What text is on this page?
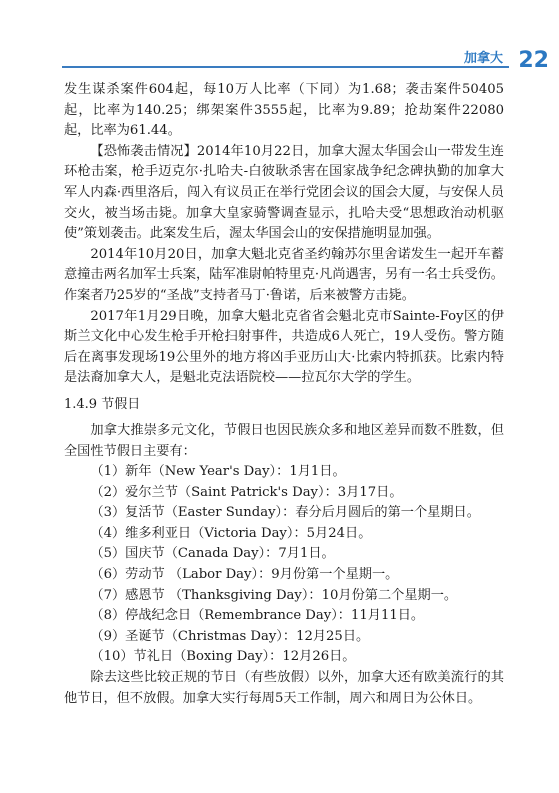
加拿大 22

发生谋杀案件604起，每10万人比率（下同）为1.68；袭击案件50405起，比率为140.25；绑架案件3555起，比率为9.89；抢劫案件22080起，比率为61.44。

【恐怖袭击情况】2014年10月22日，加拿大渥太华国会山一带发生连环枪击案，枪手迈克尔·扎哈夫-白彼耿杀害在国家战争纪念碑执勤的加拿大军人内森·西里洛后，闯入有议员正在举行党团会议的国会大厦，与安保人员交火，被当场击毙。加拿大皇家骑警调查显示，扎哈夫受“思想政治动机驱使”策划袭击。此案发生后，渥太华国会山的安保措施明显加强。

2014年10月20日，加拿大魁北克省圣约翰苏尔里舍诺发生一起开车蓄意撞击两名加军士兵案，陆军准尉帕特里克·凡尚遇害，另有一名士兵受伤。作案者乃25岁的“圣战”支持者马丁·鲁诺，后来被警方击毙。

2017年1月29日晚，加拿大魁北克省省会魁北克市Sainte-Foy区的伊斯兰文化中心发生枪手开枪扫射事件，共造成6人死亡，19人受伤。警方随后在离事发现场19公里外的地方将凶手亚历山大·比索内特抓获。比索内特是法裔加拿大人，是魁北克法语院校——拉瓦尔大学的学生。

1.4.9 节假日

加拿大推崇多元文化，节假日也因民族众多和地区差异而数不胜数，但全国性节假日主要有：

（1）新年（New Year's Day）：1月1日。
（2）爱尔兰节（Saint Patrick's Day）：3月17日。
（3）复活节（Easter Sunday）：春分后月圆后的第一个星期日。
（4）维多利亚日（Victoria Day）：5月24日。
（5）国庆节（Canada Day）：7月1日。
（6）劳动节 （Labor Day）：9月份第一个星期一。
（7）感恩节 （Thanksgiving Day）：10月份第二个星期一。
（8）停战纪念日（Remembrance Day）：11月11日。
（9）圣诞节（Christmas Day）：12月25日。
（10）节礼日（Boxing Day）：12月26日。

除去这些比较正规的节日（有些放假）以外，加拿大还有欧美流行的其他节日，但不放假。加拿大实行每周5天工作制，周六和周日为公休日。
